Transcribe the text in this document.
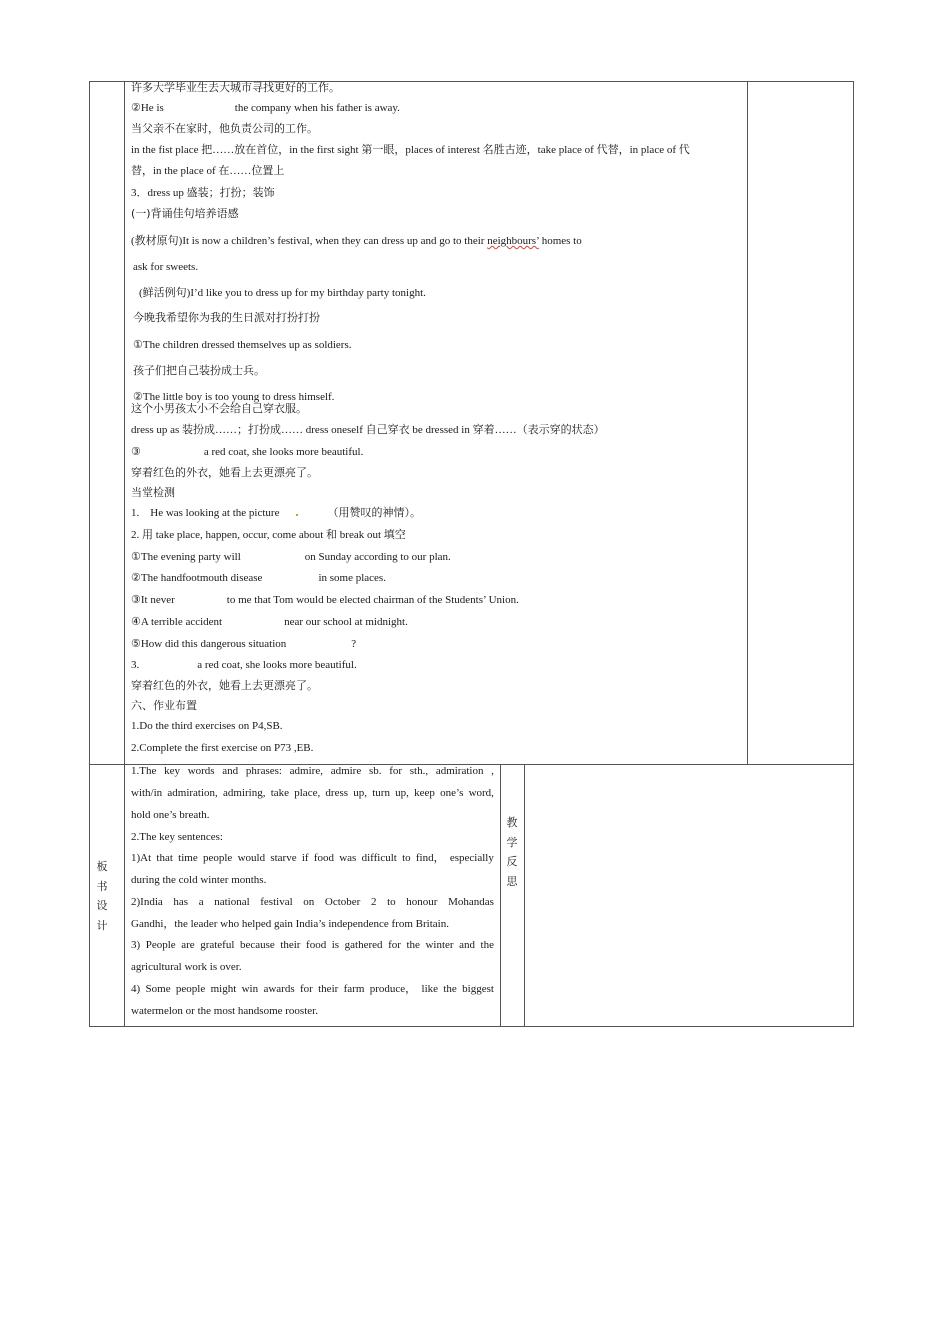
许多大学毕业生去大城市寻找更好的工作。
②He is	the company when his father is away.
当父亲不在家时，他负责公司的工作。
in the fist place 把……放在首位，in the first sight 第一眼，places of interest 名胜古迹，take place of 代替，in place of 代
替，in the place of 在……位置上
3．dress up 盛装；打扮；装饰
(一)背诵佳句培养语感
(教材原句)It is now a children’s festival, when they can dress up and go to their neighbours’ homes to
ask for sweets.
(鲜活例句)I’d like you to dress up for my birthday party tonight.
今晚我希望你为我的生日派对打扮打扮
①The children dressed themselves up as soldiers.
孩子们把自己装扮成士兵。
②The little boy is too young to dress himself.
这个小男孩太小不会给自己穿衣服。
dress up as 装扮成……；打扮成…… dress oneself 自己穿衣 be dressed in 穿着……（表示穿的状态）
③	a red coat, she looks more beautiful.
穿着红色的外衣，她看上去更漂亮了。
当堂检测
1.　He was looking at the picture	（用赞叹的神情）。
2. 用 take place, happen, occur, come about 和 break out 填空
①The evening party will	on Sunday according to our plan.
②The handfootmouth disease	in some places.
③It never	to me that Tom would be elected chairman of the Students’ Union.
④A terrible accident	near our school at midnight.
⑤How did this dangerous situation	?
3.	a red coat, she looks more beautiful.
穿着红色的外衣，她看上去更漂亮了。
六、作业布置
1.Do the third exercises on P4,SB.
2.Complete the first exercise on P73 ,EB.
板书设计
教学反思
1.The key words and phrases: admire, admire sb. for sth., admiration ,
with/in admiration, admiring, take place, dress up, turn up, keep one’s word,
hold one’s breath.
2.The key sentences:
1)At that time people would starve if food was difficult to find， especially
during the cold winter months.
2)India has a national festival on October 2 to honour Mohandas
Gandhi，the leader who helped gain India’s independence from Britain.
3) People are grateful because their food is gathered for the winter and the
agricultural work is over.
4) Some people might win awards for their farm produce， like the biggest
watermelon or the most handsome rooster.
